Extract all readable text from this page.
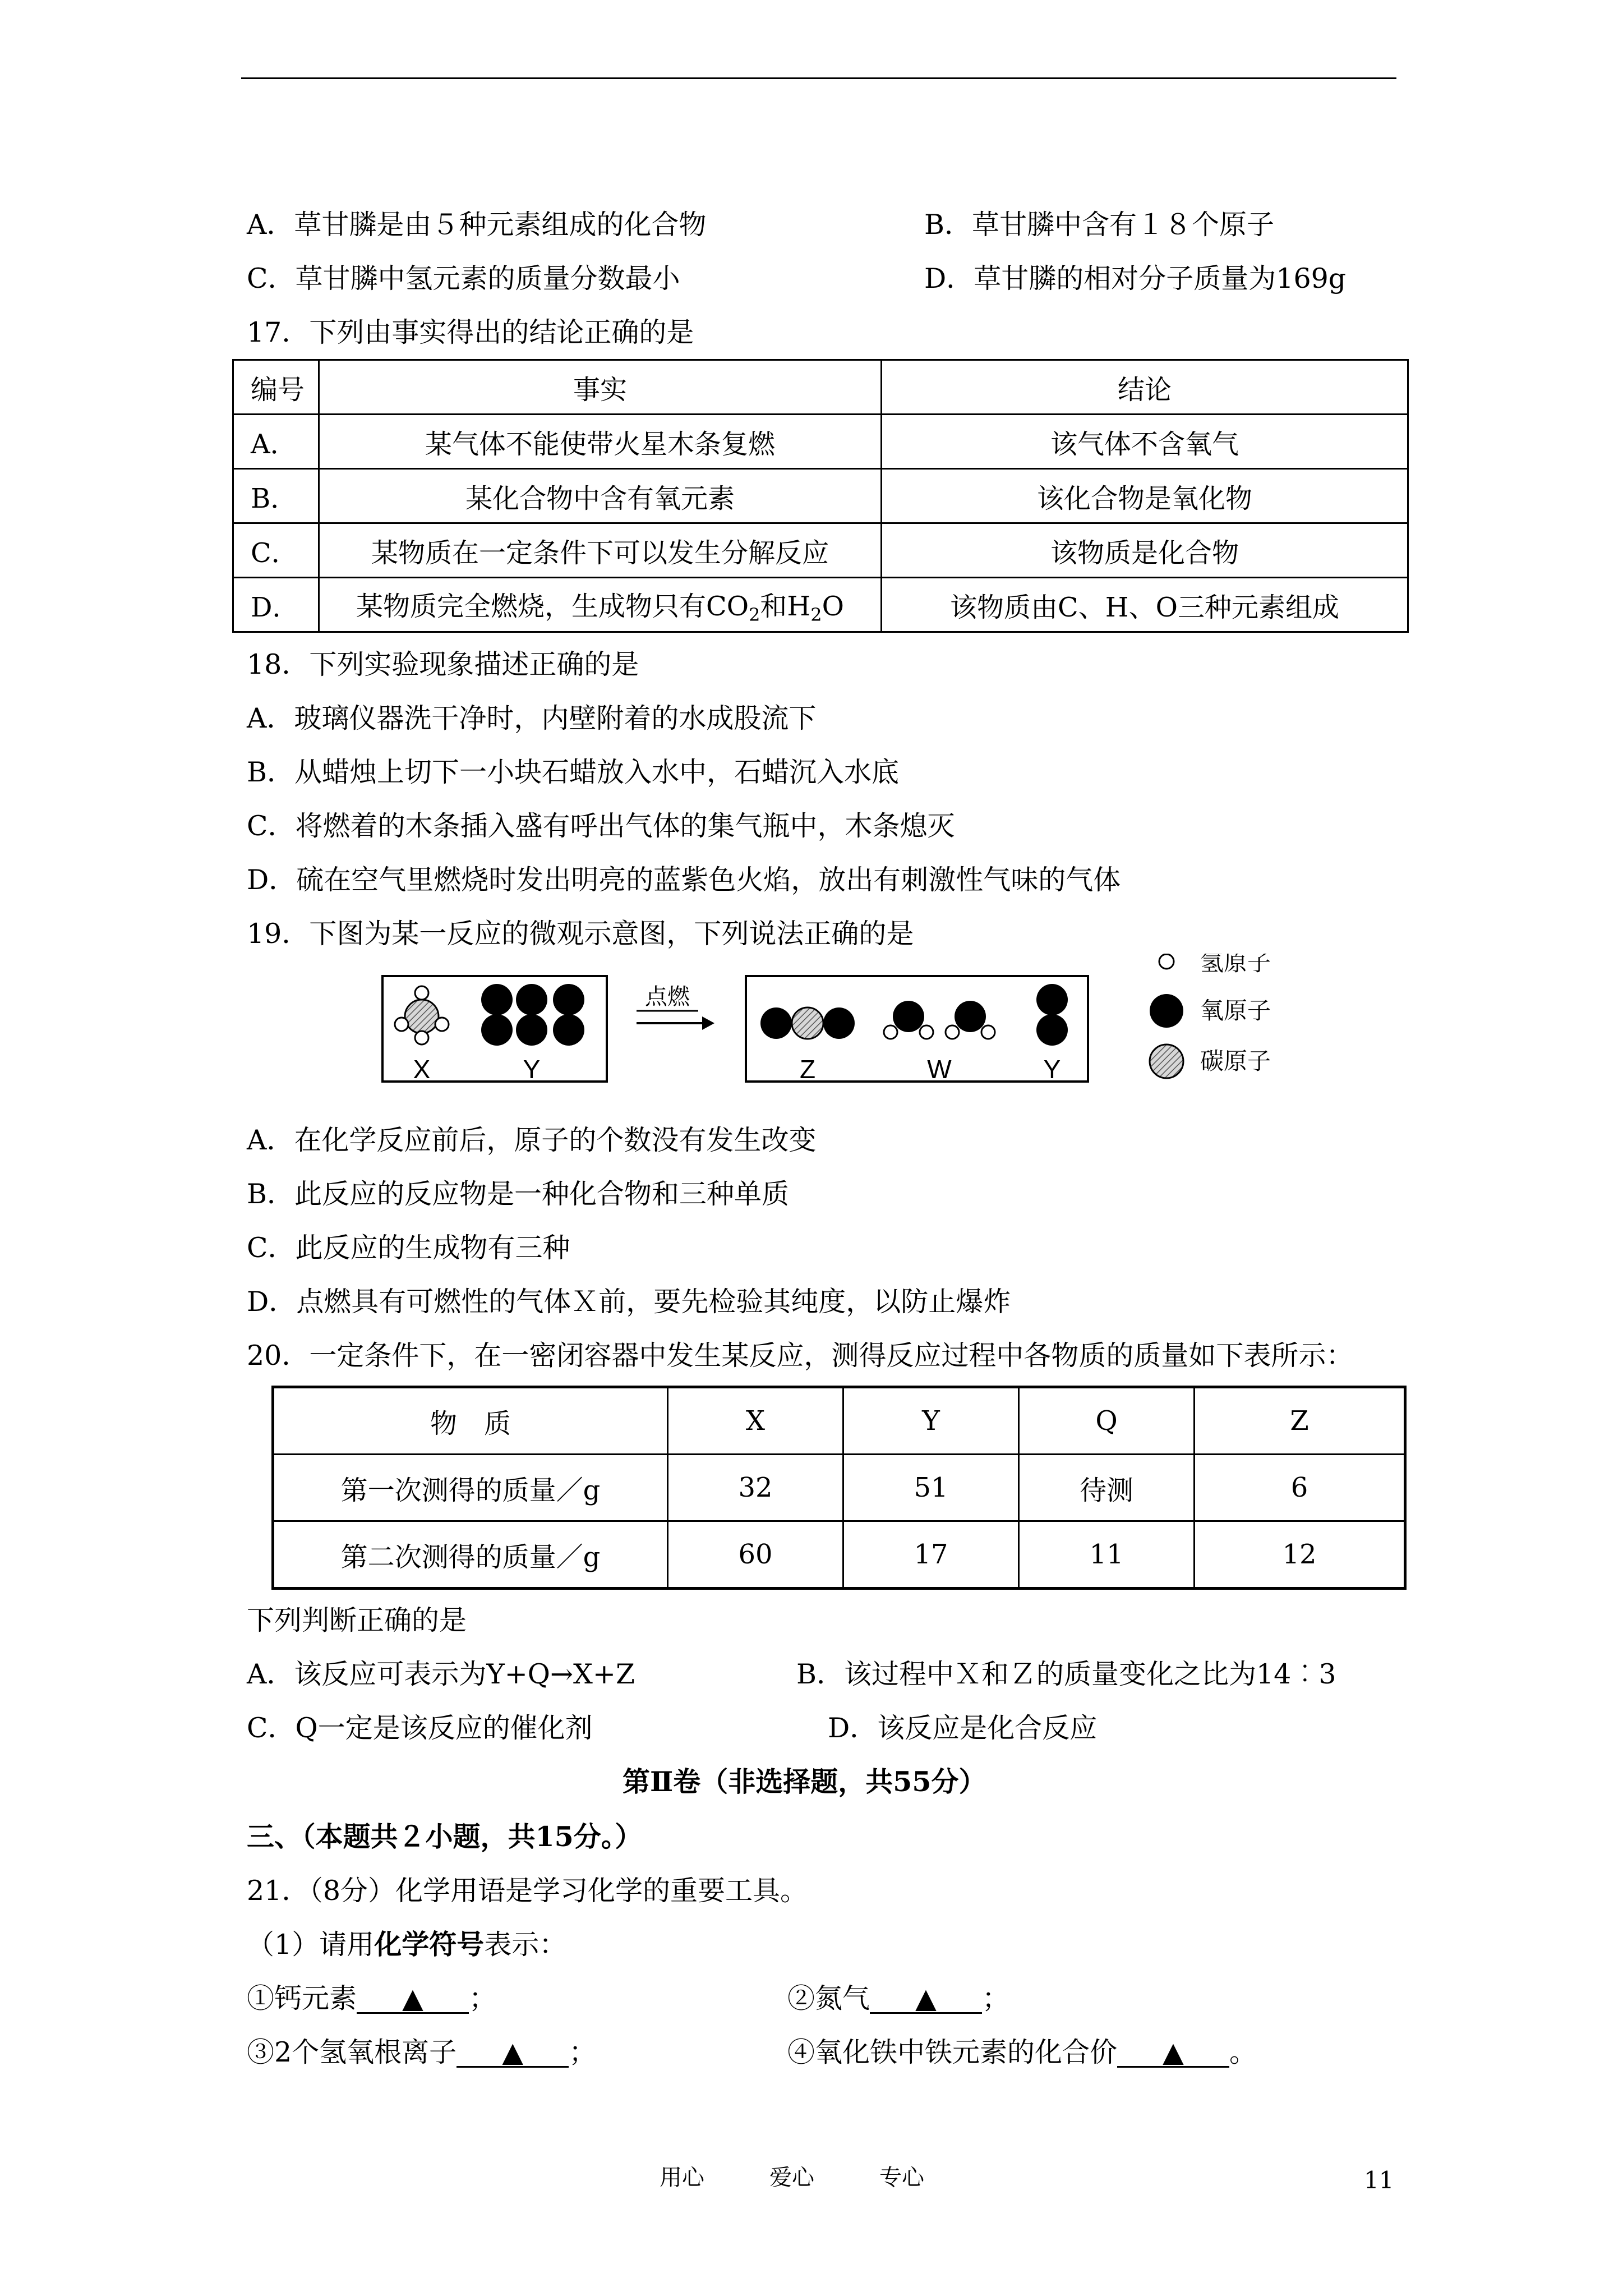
A．草甘膦是由５种元素组成的化合物	B．草甘膦中含有１８个原子
C．草甘膦中氢元素的质量分数最小	D．草甘膦的相对分子质量为169g
17．下列由事实得出的结论正确的是
编号	事实	结论
A．	某气体不能使带火星木条复燃	该气体不含氧气
B．	某化合物中含有氧元素	该化合物是氧化物
C．	某物质在一定条件下可以发生分解反应	该物质是化合物
D．	某物质完全燃烧，生成物只有$CO_2$和$H_2O$	该物质由C、H、O三种元素组成
18．下列实验现象描述正确的是
A．玻璃仪器洗干净时，内壁附着的水成股流下
B．从蜡烛上切下一小块石蜡放入水中，石蜡沉入水底
C．将燃着的木条插入盛有呼出气体的集气瓶中，木条熄灭
D．硫在空气里燃烧时发出明亮的蓝紫色火焰，放出有刺激性气味的气体
19．下图为某一反应的微观示意图，下列说法正确的是
X	Y
点燃
Z	W	Y
氢原子
氧原子
碳原子
A．在化学反应前后，原子的个数没有发生改变
B．此反应的反应物是一种化合物和三种单质
C．此反应的生成物有三种
D．点燃具有可燃性的气体Ｘ前，要先检验其纯度，以防止爆炸
20．一定条件下，在一密闭容器中发生某反应，测得反应过程中各物质的质量如下表所示：
物　质	X	Y	Q	Z
第一次测得的质量／g	32	51	待测	6
第二次测得的质量／g	60	17	11	12
下列判断正确的是
A．该反应可表示为Y+Q→X+Z	B．该过程中Ｘ和Ｚ的质量变化之比为14︰3
C．Q一定是该反应的催化剂	D．该反应是化合反应
第Ⅱ卷（非选择题，共55分）
三、（本题共２小题，共15分。）
21．（8分）化学用语是学习化学的重要工具。
（1）请用化学符号表示：
①钙元素 ▲ ；	②氮气 ▲ ；
③2个氢氧根离子 ▲ ；	④氧化铁中铁元素的化合价 ▲ 。
用心	爱心	专心	11
